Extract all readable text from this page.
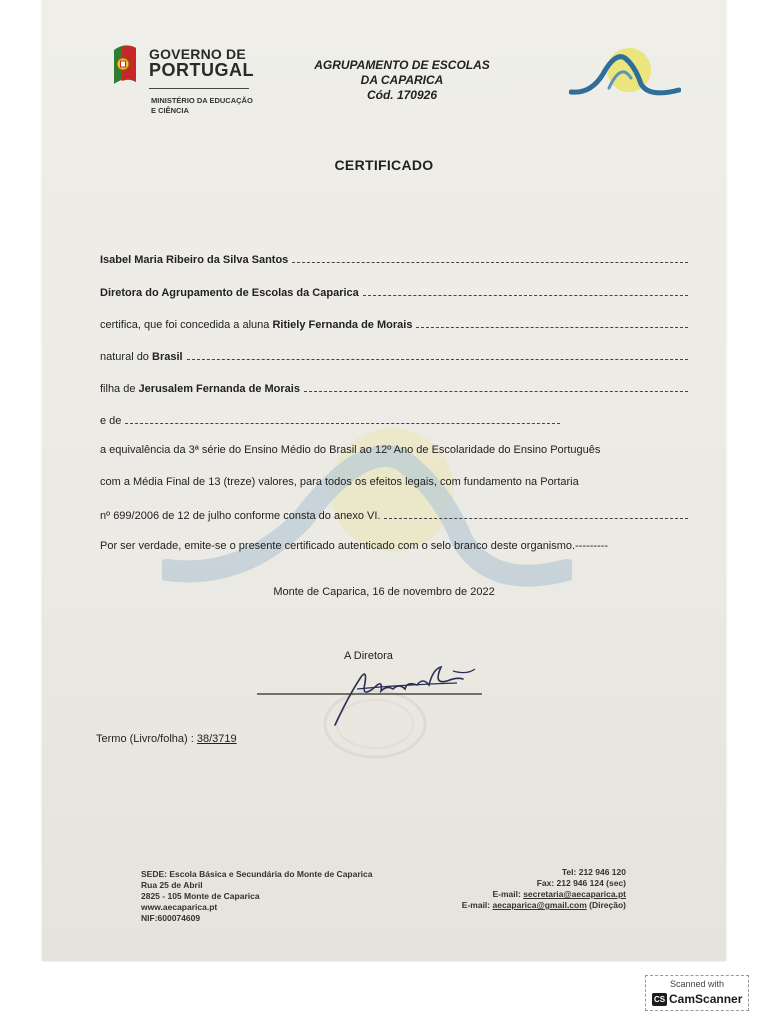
GOVERNO DE
PORTUGAL
MINISTÉRIO DA EDUCAÇÃO
E CIÊNCIA
AGRUPAMENTO DE ESCOLAS
DA CAPARICA
Cód. 170926
CERTIFICADO
Isabel Maria Ribeiro da Silva Santos
Diretora do Agrupamento de Escolas da Caparica
certifica, que foi concedida a aluna
Ritiely Fernanda de Morais
natural do
Brasil
filha de
Jerusalem Fernanda de Morais
e de
a equivalência da 3ª série do Ensino Médio do Brasil ao 12º Ano de Escolaridade do Ensino Português
com a Média Final de 13 (treze) valores, para todos os efeitos legais, com fundamento na Portaria
nº 699/2006 de 12 de julho conforme consta do anexo VI.
Por ser verdade, emite-se o presente certificado autenticado com o selo branco deste organismo.---------
Monte de Caparica, 16 de novembro de 2022
A Diretora
Termo (Livro/folha) : 38/3719
SEDE: Escola Básica e Secundária do Monte de Caparica
Rua 25 de Abril
2825 - 105 Monte de Caparica
www.aecaparica.pt
NIF:600074609
Tel: 212 946 120
Fax: 212 946 124 (sec)
E-mail: secretaria@aecaparica.pt
E-mail: aecaparica@gmail.com (Direção)
Scanned with
CS CamScanner
